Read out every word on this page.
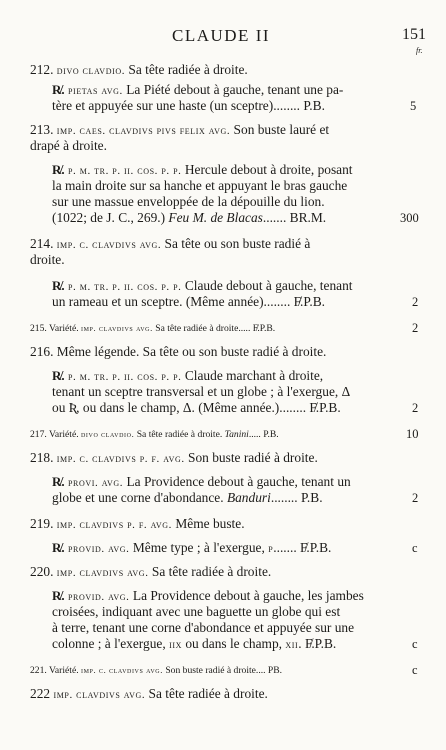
CLAUDE II	151
fr.
212. divo clavdio. Sa tête radiée à droite.
R̸. pietas avg. La Piété debout à gauche, tenant une pa-
tère et appuyée sur une haste (un sceptre)........ P.B.	5
213. imp. caes. clavdivs pivs felix avg. Son buste lauré et
drapé à droite.
R̸. p. m. tr. p. ii. cos. p. p. Hercule debout à droite, posant
la main droite sur sa hanche et appuyant le bras gauche
sur une massue enveloppée de la dépouille du lion.
(1022; de J. C., 269.) Feu M. de Blacas....... BR.M.	300
214. imp. c. clavdivs avg. Sa tête ou son buste radié à
droite.
R̸. p. m. tr. p. ii. cos. p. p. Claude debout à gauche, tenant
un rameau et un sceptre. (Même année)........ F̸.P.B.	2
215. Variété. imp. clavdivs avg. Sa tête radiée à droite..... F̸.P.B.	2
216. Même légende. Sa tête ou son buste radié à droite.
R̸. p. m. tr. p. ii. cos. p. p. Claude marchant à droite,
tenant un sceptre transversal et un globe ; à l'exergue, Δ
ou Ʀ, ou dans le champ, Δ. (Même année.)........ F̸.P.B.	2
217. Variété. divo clavdio. Sa tête radiée à droite. Tanini..... P.B.	10
218. imp. c. clavdivs p. f. avg. Son buste radié à droite.
R̸. provi. avg. La Providence debout à gauche, tenant un
globe et une corne d'abondance. Banduri........ P.B.	2
219. imp. clavdivs p. f. avg. Même buste.
R̸. provid. avg. Même type ; à l'exergue, p....... F̸.P.B.	c
220. imp. clavdivs avg. Sa tête radiée à droite.
R̸. provid. avg. La Providence debout à gauche, les jambes
croisées, indiquant avec une baguette un globe qui est
à terre, tenant une corne d'abondance et appuyée sur une
colonne ; à l'exergue, iix ou dans le champ, xii. F̸.P.B.	c
221. Variété. imp. c. clavdivs avg. Son buste radié à droite.... PB.	c
222 imp. clavdivs avg. Sa tête radiée à droite.
